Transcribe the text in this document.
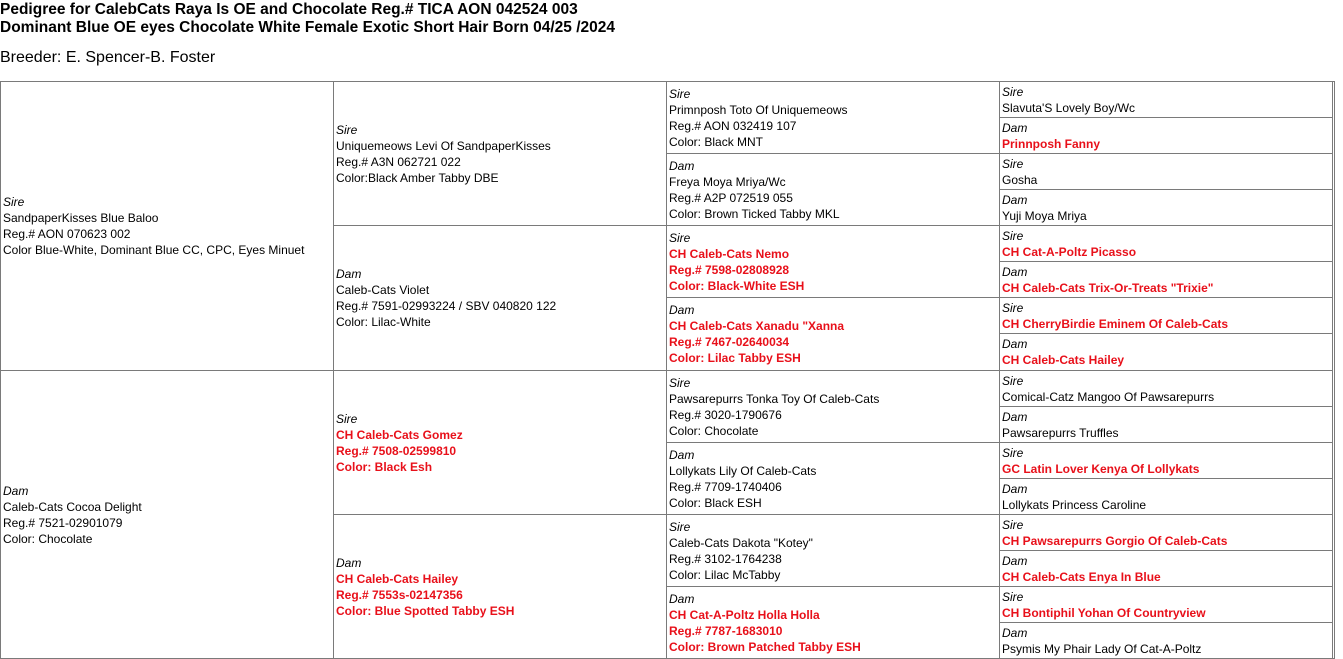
Pedigree for CalebCats Raya Is OE and Chocolate Reg.# TICA AON 042524 003
Dominant Blue OE eyes Chocolate White Female Exotic Short Hair Born 04/25 /2024
Breeder: E. Spencer-B. Foster
Sire
SandpaperKisses Blue Baloo
Reg.# AON 070623 002
Color Blue-White, Dominant Blue CC, CPC, Eyes Minuet
Dam
Caleb-Cats Cocoa Delight
Reg.# 7521-02901079
Color: Chocolate
Sire
Uniquemeows Levi Of SandpaperKisses
Reg.# A3N 062721 022
Color:Black Amber Tabby DBE
Dam
Caleb-Cats Violet
Reg.# 7591-02993224 / SBV 040820 122
Color: Lilac-White
Sire
CH Caleb-Cats Gomez
Reg.# 7508-02599810
Color: Black Esh
Dam
CH Caleb-Cats Hailey
Reg.# 7553s-02147356
Color: Blue Spotted Tabby ESH
Sire
Primnposh Toto Of Uniquemeows
Reg.# AON 032419 107
Color: Black MNT
Dam
Freya Moya Mriya/Wc
Reg.# A2P 072519 055
Color: Brown Ticked Tabby MKL
Sire
CH Caleb-Cats Nemo
Reg.# 7598-02808928
Color: Black-White ESH
Dam
CH Caleb-Cats Xanadu "Xanna
Reg.# 7467-02640034
Color: Lilac Tabby ESH
Sire
Pawsarepurrs Tonka Toy Of Caleb-Cats
Reg.# 3020-1790676
Color: Chocolate
Dam
Lollykats Lily Of Caleb-Cats
Reg.# 7709-1740406
Color: Black ESH
Sire
Caleb-Cats Dakota "Kotey"
Reg.# 3102-1764238
Color: Lilac McTabby
Dam
CH Cat-A-Poltz Holla Holla
Reg.# 7787-1683010
Color: Brown Patched Tabby ESH
Sire
Slavuta'S Lovely Boy/Wc
Dam
Prinnposh Fanny
Sire
Gosha
Dam
Yuji Moya Mriya
Sire
CH Cat-A-Poltz Picasso
Dam
CH Caleb-Cats Trix-Or-Treats "Trixie"
Sire
CH CherryBirdie Eminem Of Caleb-Cats
Dam
CH Caleb-Cats Hailey
Sire
Comical-Catz Mangoo Of Pawsarepurrs
Dam
Pawsarepurrs Truffles
Sire
GC Latin Lover Kenya Of Lollykats
Dam
Lollykats Princess Caroline
Sire
CH Pawsarepurrs Gorgio Of Caleb-Cats
Dam
CH Caleb-Cats Enya In Blue
Sire
CH Bontiphil Yohan Of Countryview
Dam
Psymis My Phair Lady Of Cat-A-Poltz
